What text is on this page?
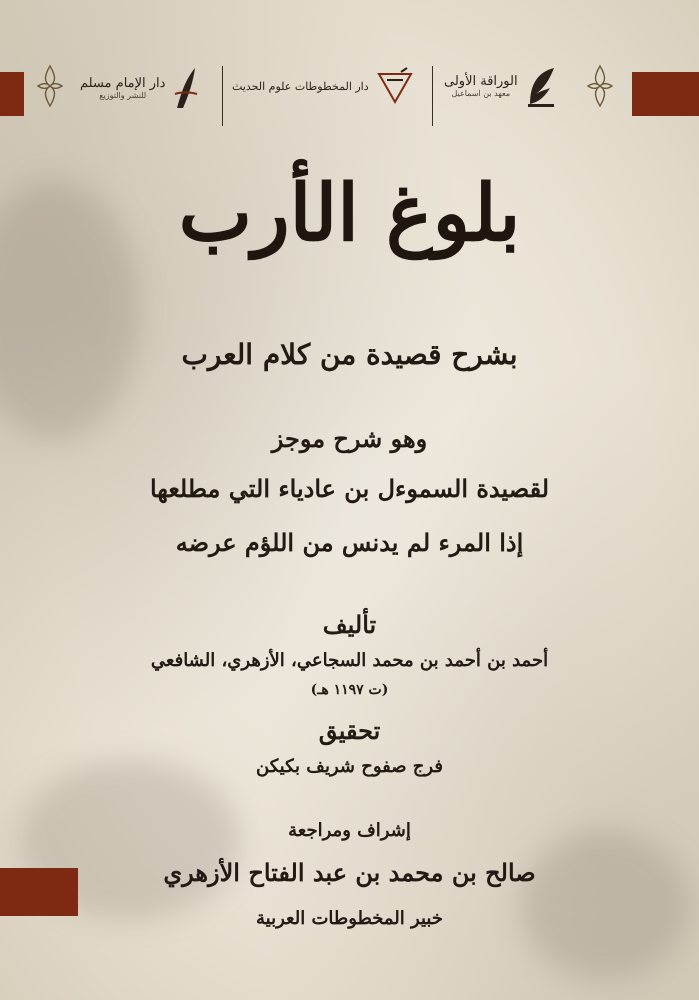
الوراقة الأولى
معهد بن اسماعيل
دار المخطوطات علوم الحديث
دار الإمام مسلم
للنشر والتوزيع
بلوغ الأرب
بشرح قصيدة من كلام العرب
وهو شرح موجز
لقصيدة السموءل بن عادياء التي مطلعها
إذا المرء لم يدنس من اللؤم عرضه
تأليف
أحمد بن أحمد بن محمد السجاعي، الأزهري، الشافعي
(ت ١١٩٧ هـ)
تحقيق
فرج صفوح شريف بكيكن
إشراف ومراجعة
صالح بن محمد بن عبد الفتاح الأزهري
خبير المخطوطات العربية
